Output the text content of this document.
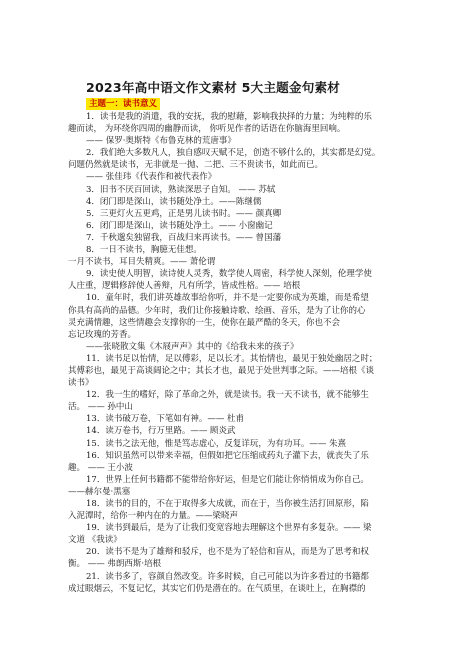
2023年高中语文作文素材 5大主题金句素材
主题一：读书意义
1．读书是我的消遣，我的安抚，我的慰藉，影响我抉择的力量；为纯粹的乐
趣而读， 为环绕你四周的幽静而读， 你听见作者的话语在你脑海里回响。
—— 保罗·奥斯特《布鲁克林的荒唐事》
2．我们绝大多数凡人，独自感叹天赋不足，创造不够什么的，其实都是幻觉。
问题仍然就是读书，无非就是一抛、二把、三不贵读书，如此而已。
—— 张佳玮《代表作和被代表作》
3．旧书不厌百回读，熟读深思子自知。 —— 苏轼
4．闭门即是深山，读书随处净土。——陈继儒
5．三更灯火五更鸡，正是男儿读书时。—— 颜真卿
6．闭门即是深山，读书随处净土。—— 小窗幽记
7．千秋邈矣独留我，百战归来再读书。—— 曾国藩
8．一日不读书，胸臆无佳想。
一月不读书，耳目失精爽。—— 萧伦谓
9．读史使人明智，读诗使人灵秀，数学使人周密，科学使人深刻，伦理学使
人庄重，逻辑修辞使人善辩，凡有所学，皆成性格。—— 培根
10．童年时，我们讲英雄故事给你听，并不是一定要你成为英雄，而是希望
你具有高尚的品德。少年时，我们让你接触诗歌、绘画、音乐，是为了让你的心
灵充满情趣，这些情趣会支撑你的一生，使你在最严酷的冬天，你也不会
忘记玫瑰的芳香。
——张晓散文集《木屐声声》其中的《给我未来的孩子》
11．读书足以怡情，足以傅彩，足以长才。其怡情也，最见于独处幽居之时；
其傅彩也，最见于高谈阔论之中；其长才也，最见于处世判事之际。——培根《谈
读书》
12．我一生的嗜好，除了革命之外，就是读书。我一天不读书，就不能够生
活。 —— 孙中山
13．读书破万卷，下笔如有神。—— 杜甫
14．读万卷书，行万里路。—— 顾炎武
15．读书之法无他，惟是笃志虚心，反复详玩，为有功耳。—— 朱熹
16．知识虽然可以带来幸福，但假如把它压缩成药丸子灌下去，就丧失了乐
趣。 —— 王小波
17．世界上任何书籍都不能带给你好运，但是它们能让你悄悄成为你自己。
——赫尔曼·黑塞
18．读书的目的，不在于取得多大成就，而在于，当你被生活打回原形，陷
入泥潭时，给你一种内在的力量。——梁晓声
19．读书到最后，是为了让我们变宽容地去理解这个世界有多复杂。—— 梁
文道 《我读》
20．读书不是为了雄辩和驳斥，也不是为了轻信和盲从，而是为了思考和权
衡。 —— 弗朗西斯·培根
21．读书多了，容颜自然改变。许多时候，自己可能以为许多看过的书籍都
成过眼烟云，不复记忆，其实它们仍是潜在的。在气质里，在谈吐上，在胸襟的
